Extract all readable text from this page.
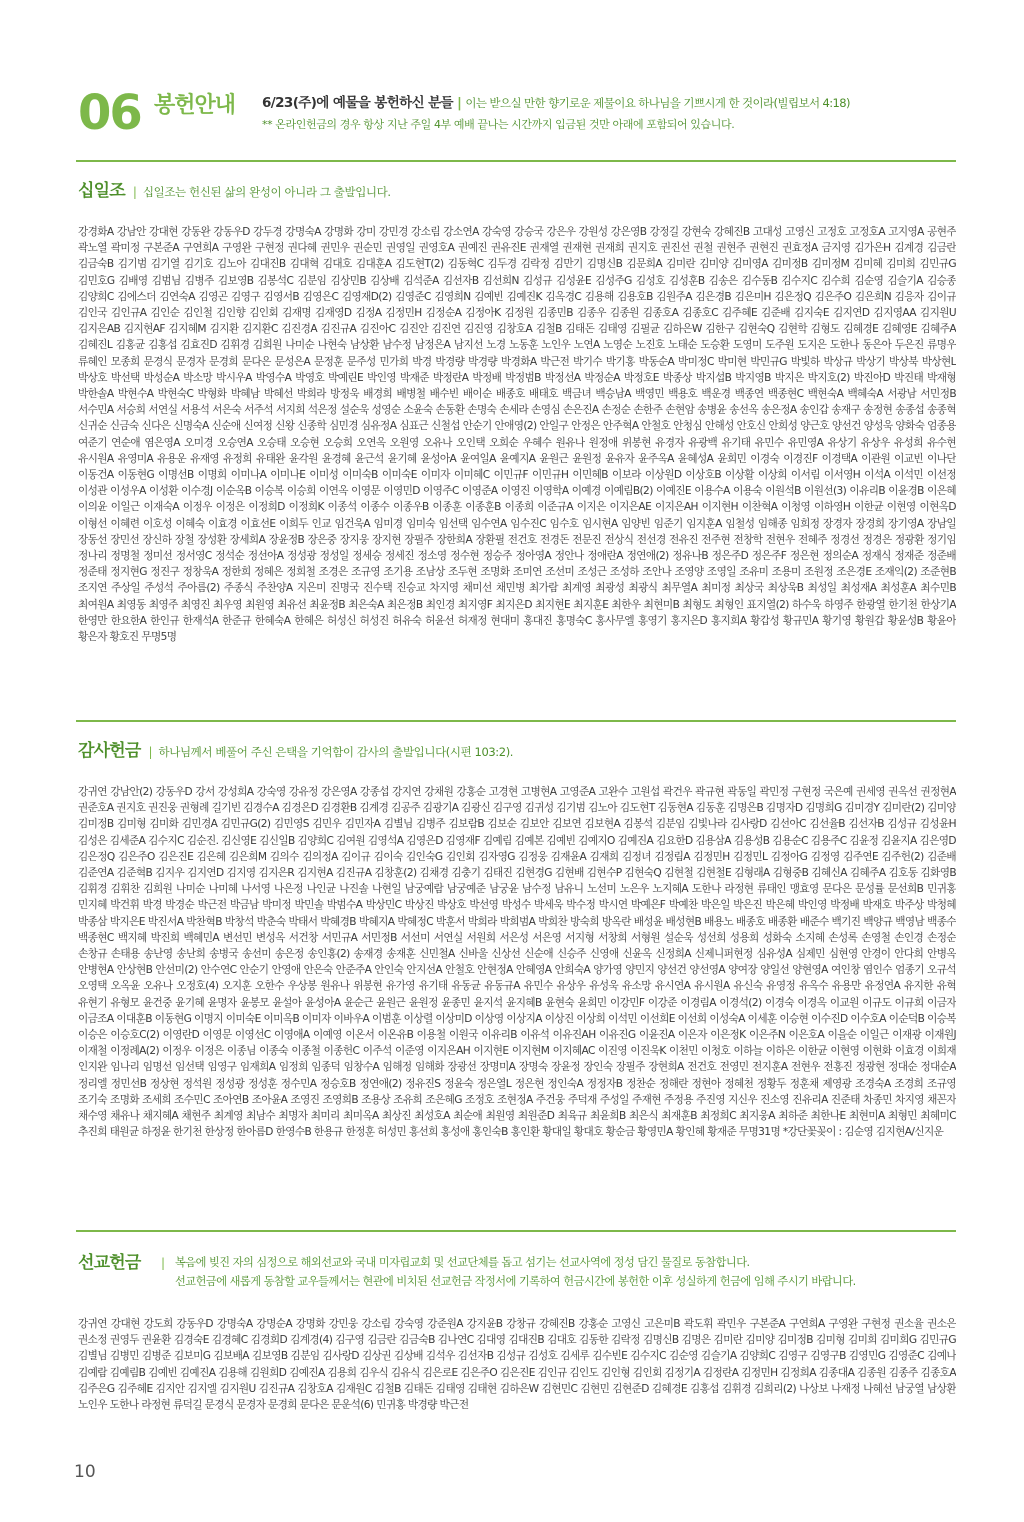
06 봉헌안내 6/23(주)에 예물을 봉헌하신 분들 | 이는 받으실 만한 향기로운 제물이요 하나님을 기쁘시게 한 것이라(빌립보서 4:18)
** 온라인헌금의 경우 항상 지난 주일 4부 예배 끝나는 시간까지 입금된 것만 아래에 포함되어 있습니다.
십일조 | 십일조는 헌신된 삶의 완성이 아니라 그 출발입니다.

강경화A 강남안 강대현 강동완 강동우D 강두경 강명숙A 강명화 강미 강민경 강소림 강소연A 강숙영 강승국 강은우 강원성 강은영B 강정길 강현숙 강혜진B 고대성 고영신 고정호 고정호A 고지영A 공현주 곽노열 곽미정 구본준A 구연희A 구영완 구현정 권다혜 권민우 권순민 권영일 권영호A 권예진 권유진E 권재열 권재현 권재희 권지호 권진선 권철 권현주 권현진 권효정A 금지영 김가은H 김계경 김금란 김금숙B 김기범 김기열 김기호 김노아 김대진B 김대혁 김대호 김대훈A 김도현T(2) 김동혁C 김두경 김락정 김만기 김명신B 김문희A 김미란 김미양 김미영A 김미정B 김미정M 김미혜 김미희 김민규G 김민호G 김배영 김범님 김병주 김보영B 김봉석C 김분임 김상민B 김상배 김석준A 김선자B 김선희N 김성규 김성윤E 김성주G 김성호 김성훈B 김송은 김수동B 김수지C 김수희 김순영 김슬기A 김승종 김양희C 김에스더 김연숙A 김영곤 김영구 김영서B 김영은C 김영재D(2) 김영준C 김영희N 김예빈 김예진K 김옥경C 김용해 김용호B 김원주A 김은경B 김은미H 김은정Q 김은주O 김은희N 김응자 김이규 김인국 김인규A 김인순 김인철 김인향 김인회 김재명 김재영D 김정A 김정민H 김정순A 김정아K 김정원 김종민B 김종우 김종원 김종호A 김종호C 김주혜E 김준배 김지숙E 김지연D 김지영AA 김지원U 김지은AB 김지현AF 김지혜M 김지환 김지환C 김진경A 김진규A 김진아C 김진안 김진연 김진영 김창호A 김철B 김태돈 김태영 김필균 김하은W 김한구 김현숙Q 김현학 김형도 김혜경E 김혜영E 김혜주A 김혜진L 김홍균 김홍섭 김효진D 김휘경 김희원 나미순 나현숙 남상환 남수정 남정은A 남지선 노경 노동훈 노인우 노연A 노영순 노진호 노태순 도승환 도영미 도주원 도지은 도한나 동은아 두은진 류명우 류혜인 모종희 문경식 문경자 문경희 문다은 문성은A 문정훈 문주성 민가희 박경 박경량 박경량 박경화A 박근전 박기수 박기홍 박동순A 박미정C 박미현 박민규G 박빛하 박상규 박상기 박상북 박상현L 박상호 박선택 박성순A 박소망 박시우A 박영수A 박영호 박예린E 박인영 박재준 박정란A 박정배 박정범B 박정선A 박정순A 박정호E 박종상 박지섭B 박지영B 박지은 박지호(2) 박진아D 박진태 박재형 박한솔A 박현수A 박현숙C 박형화 박혜남 박혜선 박희라 방정욱 배경희 배병철 배수빈 배이순 배종호 배태호 백금녀 백승남A 백영민 백용호 백운경 백종연 백종현C 백현숙A 백혜숙A 서광남 서민정B 서수민A 서승희 서연실 서용석 서은숙 서주석 서지희 석은정 설순욱 성영순 소윤숙 손동환 손명숙 손세라 손영심 손은진A 손정순 손한주 손현암 송병윤 송선옥 송은정A 송인갑 송재구 송정현 송종섭 송종혁 신귀순 신금숙 신다은 신명숙A 신순애 신여정 신왕 신종학 심민경 심유정A 심표근 신철섭 안순기 안애영(2) 안일구 안정은 안주혁A 안철호 안청심 안해성 안호신 안희성 양근호 양선건 양성욱 양화숙 엄종용 여준기 연순애 염은영A 오미경 오승연A 오승태 오승현 오승희 오연옥 오원영 오유나 오인택 오희순 우혜수 원유나 원정애 위봉현 유경자 유광백 유기태 유민수 유민영A 유상기 유상우 유성희 유수현 유시원A 유영미A 유용운 유재영 유정희 유태완 윤각원 윤경혜 윤근석 윤기혜 윤성아A 윤여일A 윤예지A 윤원근 윤원정 윤유자 윤주옥A 윤혜성A 윤희민 이경숙 이경진F 이경택A 이관원 이교빈 이나단 이동건A 이동현G 이명선B 이명희 이미나A 이미나E 이미성 이미숙B 이미숙E 이미자 이미혜C 이민규F 이민규H 이민혜B 이보라 이상원D 이상호B 이상활 이상희 이서림 이서영H 이석A 이석민 이선정 이성관 이성우A 이성환 이수경J 이순옥B 이승복 이승희 이연옥 이영문 이영민D 이영주C 이영준A 이영진 이영학A 이예경 이예림B(2) 이예진E 이용수A 이용숙 이원석B 이원선(3) 이유리B 이윤경B 이은혜 이의윤 이일근 이재숙A 이정우 이정은 이정희D 이정희K 이종석 이종수 이종우B 이종훈 이종훈B 이종희 이준규A 이지은 이지은AE 이지은AH 이지현H 이찬혁A 이청영 이하영H 이한균 이현영 이현옥D 이형선 이혜련 이호성 이혜숙 이효경 이효선E 이희두 인교 임건욱A 임미경 임미숙 임선택 임수연A 임수진C 임수호 임시현A 임양빈 임준기 임지훈A 임철성 임해종 임희정 장경자 장경희 장기영A 장남일 장동선 장민선 장신하 장철 장성환 장세희A 장윤정B 장은중 장지웅 장지현 장필주 장한희A 장환필 전건호 전경돈 전문진 전상식 전선경 전유진 전주현 전창학 전현우 전혜주 정경선 정경은 정광환 정기임 정나리 정명철 정미선 정서영C 정석순 정선아A 정성광 정성일 정세승 정세진 정소영 정수현 정승주 정아영A 정안나 정애란A 정연애(2) 정유나B 정은주D 정은주F 정은현 정의순A 정재식 정재준 정준배 정준태 정지현G 정진구 정창욱A 정한희 정혜은 정희철 조경은 조규영 조기용 조남상 조두현 조명화 조미연 조선미 조성근 조성하 조안나 조영양 조영일 조유미 조용미 조원정 조은경E 조재익(2) 조준현B 조지연 주상일 주성석 주아름(2) 주종식 주찬양A 지은미 진명국 진수택 진승교 차지영 채미선 채민병 최가람 최계영 최광성 최광식 최무열A 최미정 최상국 최상욱B 최성일 최성재A 최성훈A 최수민B 최여원A 최영동 최영주 최영진 최우영 최원영 최유선 최윤정B 최은숙A 최은정B 최인경 최지영F 최지은D 최지현E 최지훈E 최한우 최현미B 최형도 최형인 표지열(2) 하수욱 하영주 한광열 한기천 한상기A 한영만 한요한A 한인규 한재석A 한준규 한혜숙A 한혜은 허성신 허성진 허유숙 허윤선 허재정 현대미 홍대진 홍명숙C 홍사무엘 홍영기 홍지은D 홍지희A 황갑성 황규민A 황기영 황원갑 황윤성B 황윤아 황은자 황호진 무명5명

감사헌금 | 하나님께서 베풀어 주신 은택을 기억함이 감사의 출발입니다(시편 103:2).

강귀연 강남안(2) 강동우D 강서 강성희A 강숙영 강유정 강은영A 강종섭 강지연 강채원 강홍순 고경현 고병현A 고영준A 고완수 고원섭 곽건우 곽규현 곽동일 곽민정 구현정 국은예 권세영 권옥선 권정현A 권준호A 권지호 권진웅 권형례 길기빈 김경수A 김경은D 김경환B 김계경 김공주 김광기A 김광신 김구영 김귀성 김기범 김노아 김도현T 김동현A 김동훈 김명은B 김명자D 김명희G 김미경Y 김미란(2) 김미양 김미정B 김미형 김미화 김민경A 김민규G(2) 김민영S 김민우 김민자A 김별님 김병주 김보람B 김보순 김보안 김보연 김보현A 김봉석 김분임 김빛나라 김사랑D 김선아C 김선율B 김선자B 김성규 김성윤H 김성은 김세준A 김수지C 김순진. 김신영E 김신일B 김양희C 김여원 김영석A 김영은D 김영재F 김예림 김예본 김예빈 김예지O 김예진A 김요한D 김용삼A 김용성B 김용순C 김용주C 김윤정 김윤지A 김은영D 김은정Q 김은주O 김은진E 김은혜 김은희M 김의수 김의정A 김이규 김이숙 김인숙G 김인회 김자영G 김정웅 김재윤A 김재희 김정녀 김정림A 김정민H 김정민L 김정아G 김정영 김주연E 김주헌(2) 김준배 김준연A 김준혁B 김지우 김지연D 김지영 김지은R 김지현A 김진규A 김창훈(2) 김채경 김충기 김태진 김현경G 김현배 김현수P 김현숙Q 김현철 김현철E 김형래A 김형중B 김혜신A 김혜주A 김호동 김화영B 김휘경 김휘찬 김희원 나미순 나미혜 나서영 나은정 나인균 나진솔 나현일 남궁예람 남궁예준 남궁윤 남수정 남유니 노선미 노은우 노지혜A 도한나 라정현 류태인 맹효영 문다은 문성률 문선희B 민귀홍 민지혜 박건휘 박경 박경순 박근전 박금남 박미정 박민솔 박범수A 박상민C 박상진 박상호 박선영 박성수 박세욱 박수정 박시연 박예은F 박예찬 박은일 박은진 박은혜 박인영 박정배 박재호 박주상 박청혜 박종삼 박지은E 박진서A 박찬혁B 박창석 박춘숙 박태서 박혜경B 박혜지A 박혜정C 박훈서 박희라 박희범A 박희찬 방숙희 방옥란 배성윤 배성현B 배용노 배종호 배종환 배준수 백기진 백양규 백영남 백종수 백종현C 백지혜 박진희 백혜민A 변선민 변성옥 서건창 서민규A 서민정B 서선미 서연실 서원희 서은성 서은영 서지형 서창희 서형원 설순욱 성선희 성용희 성화숙 소지혜 손성록 손영철 손인경 손정순 손창규 손태용 송난영 송난희 송병국 송선미 송은정 송인홍(2) 송재경 송재훈 신민철A 신바울 신상선 신순애 신승주 신영애 신윤옥 신정희A 신제니퍼현정 심유성A 심제민 심현영 안경이 안다희 안병옥 안병현A 안상현B 안선미(2) 안수연C 안순기 안영애 안은숙 안준주A 안인숙 안지선A 안철호 안현정A 안혜영A 안희숙A 양가영 양민지 양선건 양선영A 양여장 양일선 양현영A 여인창 염인수 엄종기 오규석 오영택 오옥윤 오유나 오정호(4) 오지훈 오한수 우상봉 원유나 위봉현 유가영 유기태 유동균 유동규A 유민수 유상우 유성욱 유소망 유시연A 유시원A 유신숙 유영정 유옥수 유용만 유정연A 유지한 유혁 유현기 유형모 윤건중 윤기혜 윤명자 윤봉모 윤설아 윤성아A 윤순근 윤원근 윤원정 윤종민 윤지석 윤지혜B 윤현숙 윤희민 이강민F 이강준 이경림A 이경석(2) 이경숙 이경옥 이교원 이규도 이규희 이금자 이금조A 이대훈B 이동현G 이명지 이미숙E 이미옥B 이미자 이바우A 이범훈 이상렬 이상미D 이상영 이상지A 이상진 이상희 이석민 이선희E 이선희 이성숙A 이세훈 이승현 이수진D 이수호A 이순덕B 이승복 이승은 이승호C(2) 이영란D 이영문 이영선C 이영애A 이예영 이온서 이온유B 이용철 이원국 이유리B 이유석 이유진AH 이유진G 이윤진A 이은자 이은정K 이은주N 이은호A 이을순 이일근 이재광 이재원J 이재철 이정례A(2) 이정우 이정은 이종님 이종숙 이종철 이종헌C 이주석 이준영 이지은AH 이지현E 이지현M 이지혜AC 이진영 이진욱K 이천민 이청호 이하늘 이하은 이한균 이현영 이현화 이효경 이희재 인지완 임나리 임명선 임선택 임영구 임재희A 임정희 임종덕 임창수A 임해정 임해화 장광선 장명미A 장명숙 장윤정 장인숙 장필주 장현희A 전건호 전영민 전지훈A 전현우 전홍진 정광현 정대순 정대순A 정리엘 정민선B 정상현 정석원 정성광 정성훈 정수민A 정승호B 정연애(2) 정유진S 정윤숙 정은열L 정은현 정인숙A 정정자B 정찬순 정해란 정현아 정혜천 정황두 정훈채 제영광 조경숙A 조경희 조규영 조기숙 조명화 조세희 조수민C 조아연B 조아윤A 조영진 조영희B 조용상 조유희 조은혜G 조정호 조현정A 주건웅 주덕재 주성일 주재현 주정용 주진영 지신우 진소영 진유리A 진준태 차종민 차지영 채꼰자 채수영 채유나 채지혜A 채현주 최계영 최남수 최명자 최미리 최미옥A 최상진 최성호A 최순애 최원영 최원준D 최육규 최윤희B 최은식 최재훈B 최정희C 최지웅A 최하준 최한나E 최현미A 최형민 최혜미C 추진희 태원균 하정윤 한기천 한상정 한아름D 한영수B 한용규 한정훈 허성민 홍선희 홍성애 홍인숙B 홍인환 황대일 황대호 황순금 황영민A 황인혜 황재준 무명31명 *강단꽃꽂이 : 김순영 김지현A/신지운

선교헌금 | 복음에 빚진 자의 심정으로 해외선교와 국내 미자립교회 및 선교단체를 돕고 섬기는 선교사역에 정성 담긴 물질로 동참합니다.
선교헌금에 새롭게 동참할 교우들께서는 현관에 비치된 선교헌금 작정서에 기록하여 헌금시간에 봉헌한 이후 성실하게 헌금에 임해 주시기 바랍니다.

강귀연 강대현 강도희 강동우D 강명숙A 강명순A 강명화 강민웅 강소림 강숙영 강준원A 강지윤B 강창규 강혜진B 강홍순 고영신 고은미B 곽도휘 곽민우 구본준A 구연희A 구영완 구현정 권소율 권소은 권소정 권영두 권윤환 김경숙E 김경혜C 김경희D 김계경(4) 김구영 김금란 김금숙B 김나연C 김대영 김대진B 김대호 김동한 김락정 김명신B 김명은 김미란 김미양 김미정B 김미형 김미희 김미희G 김민규G 김별님 김병민 김병준 김보미G 김보배A 김보영B 김분임 김사랑D 김상권 김상배 김석우 김선자B 김성규 김성호 김세루 김수빈E 김수지C 김순영 김슬기A 김양희C 김영구 김영구B 김영민G 김영준C 김예나 김예람 김예림B 김예빈 김예진A 김용해 김원희D 김예진A 김용희 김우식 김유식 김은로E 김은주O 김은진E 김인규 김인도 김인형 김인회 김정기A 김정란A 김정민H 김정희A 김종대A 김종원 김종주 김종호A 김주은G 김주혜E 김지안 김지엘 김지원U 김진규A 김창호A 김재원C 김철B 김태돈 김태영 김태현 김하은W 김현민C 김현민 김현준D 김혜경E 김홍섭 김휘경 김희리(2) 나상보 나재정 나혜선 남궁열 남상환 노인우 도한나 라정현 류덕길 문경식 문경자 문경희 문다은 문운석(6) 민귀홍 박경량 박근전

10
